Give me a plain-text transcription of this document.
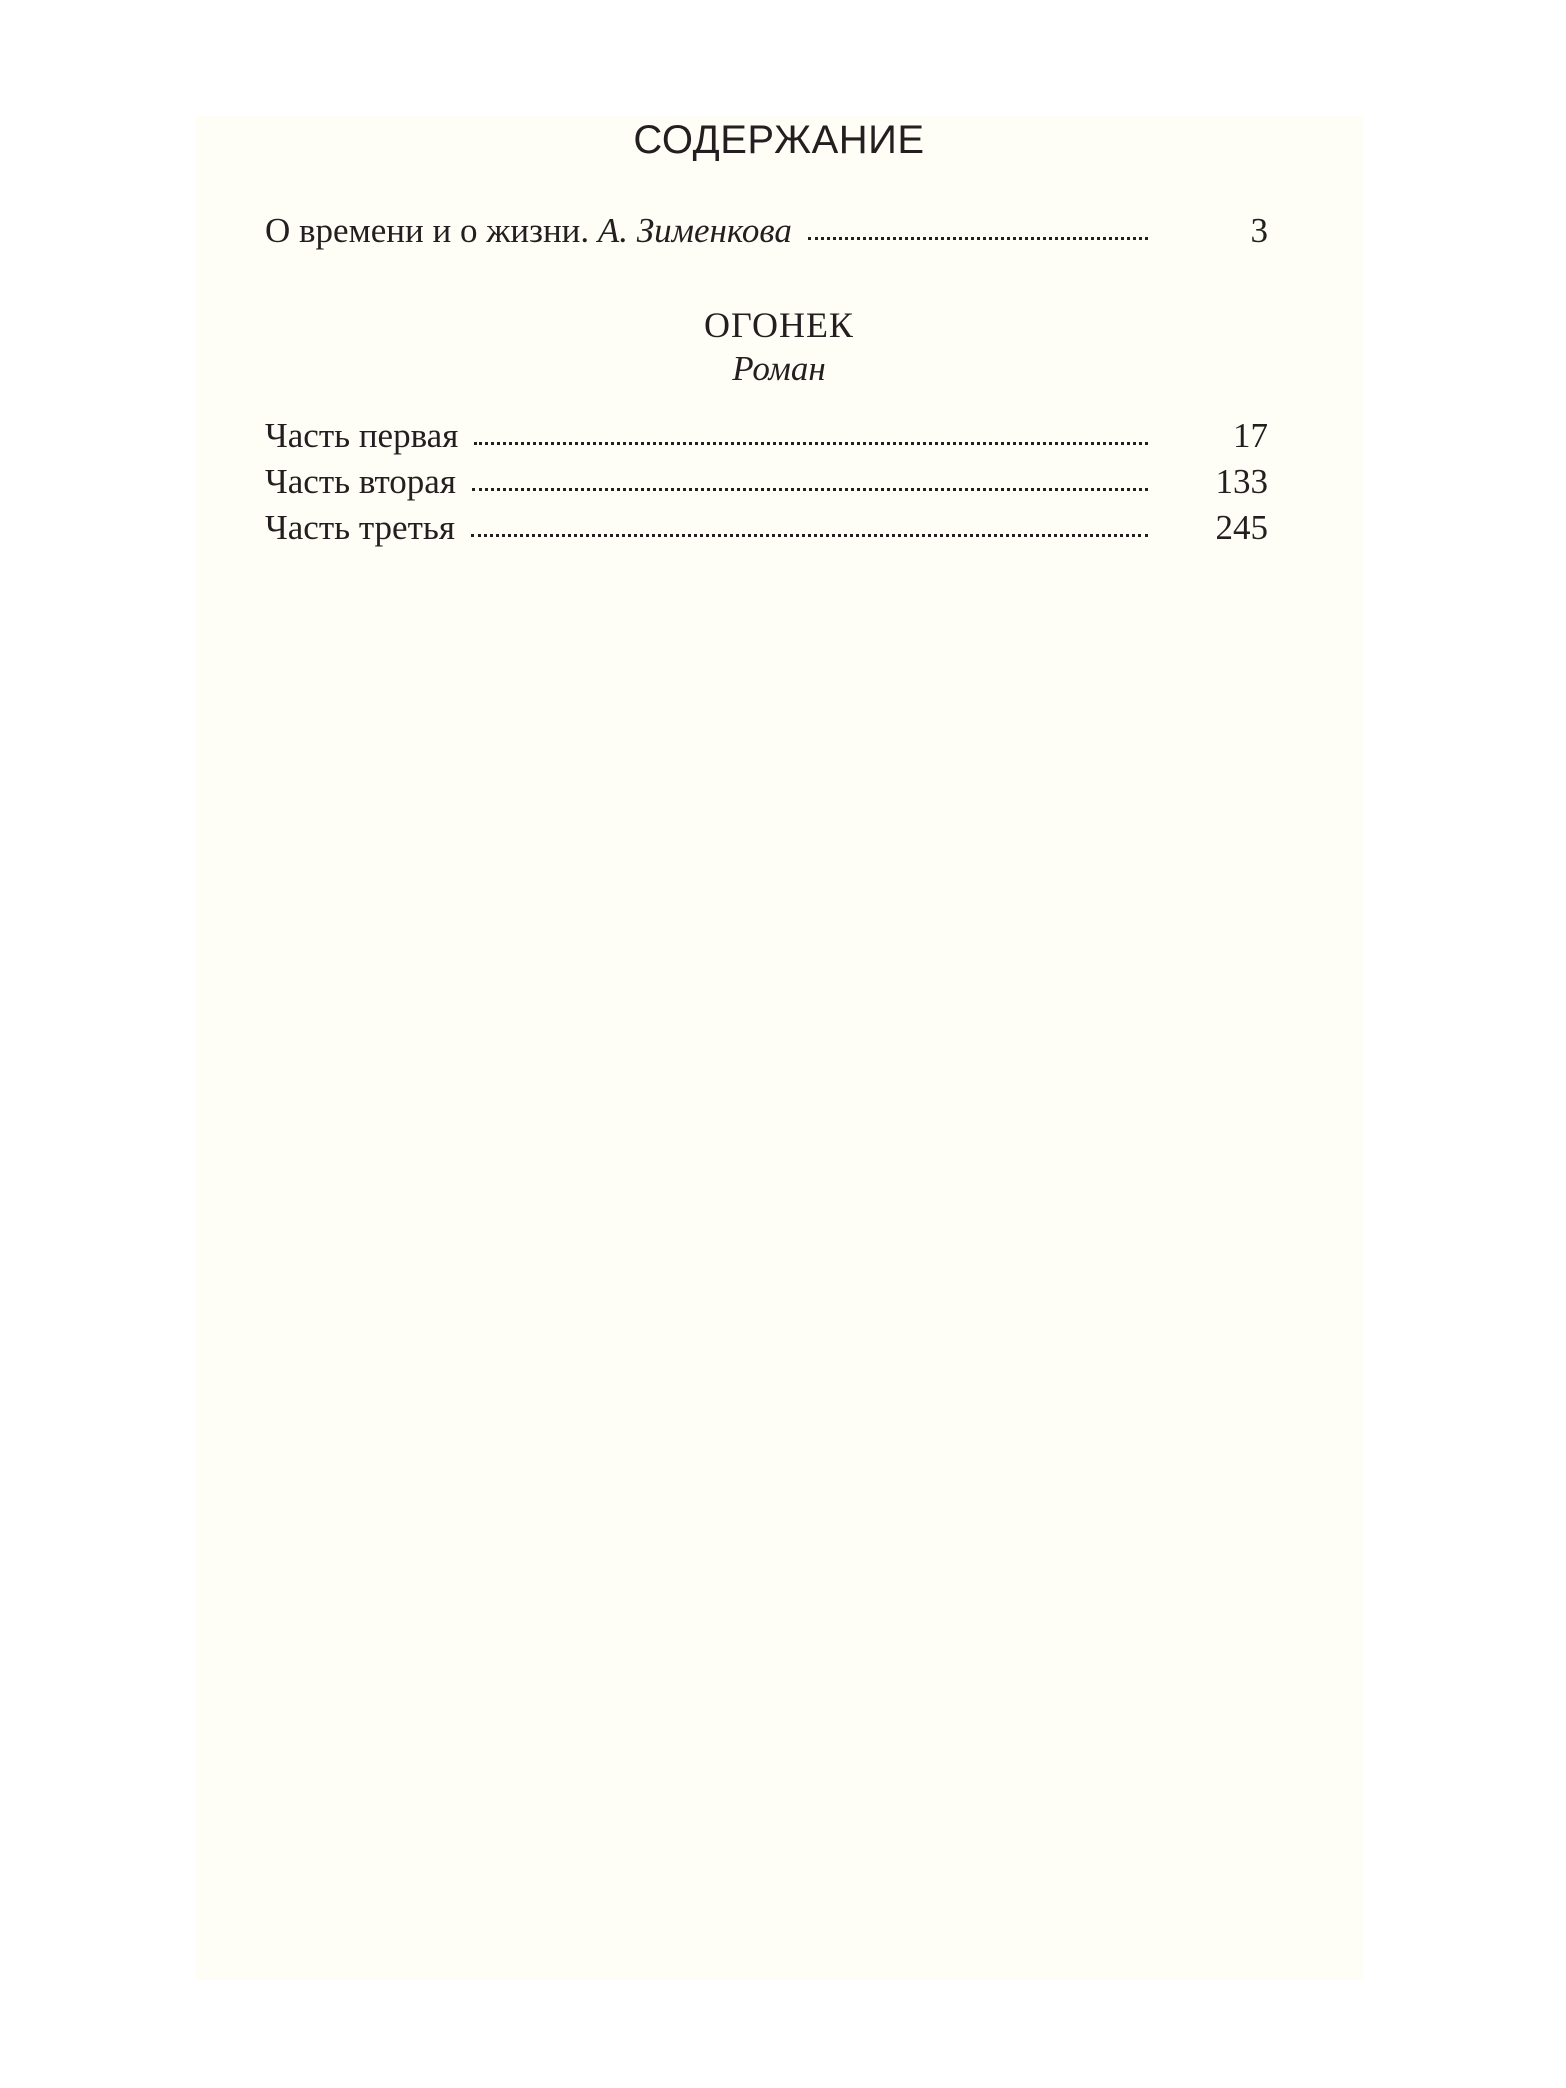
СОДЕРЖАНИЕ
О времени и о жизни. А. Зименкова	3
ОГОНЕК
Роман
Часть первая	17
Часть вторая	133
Часть третья	245
